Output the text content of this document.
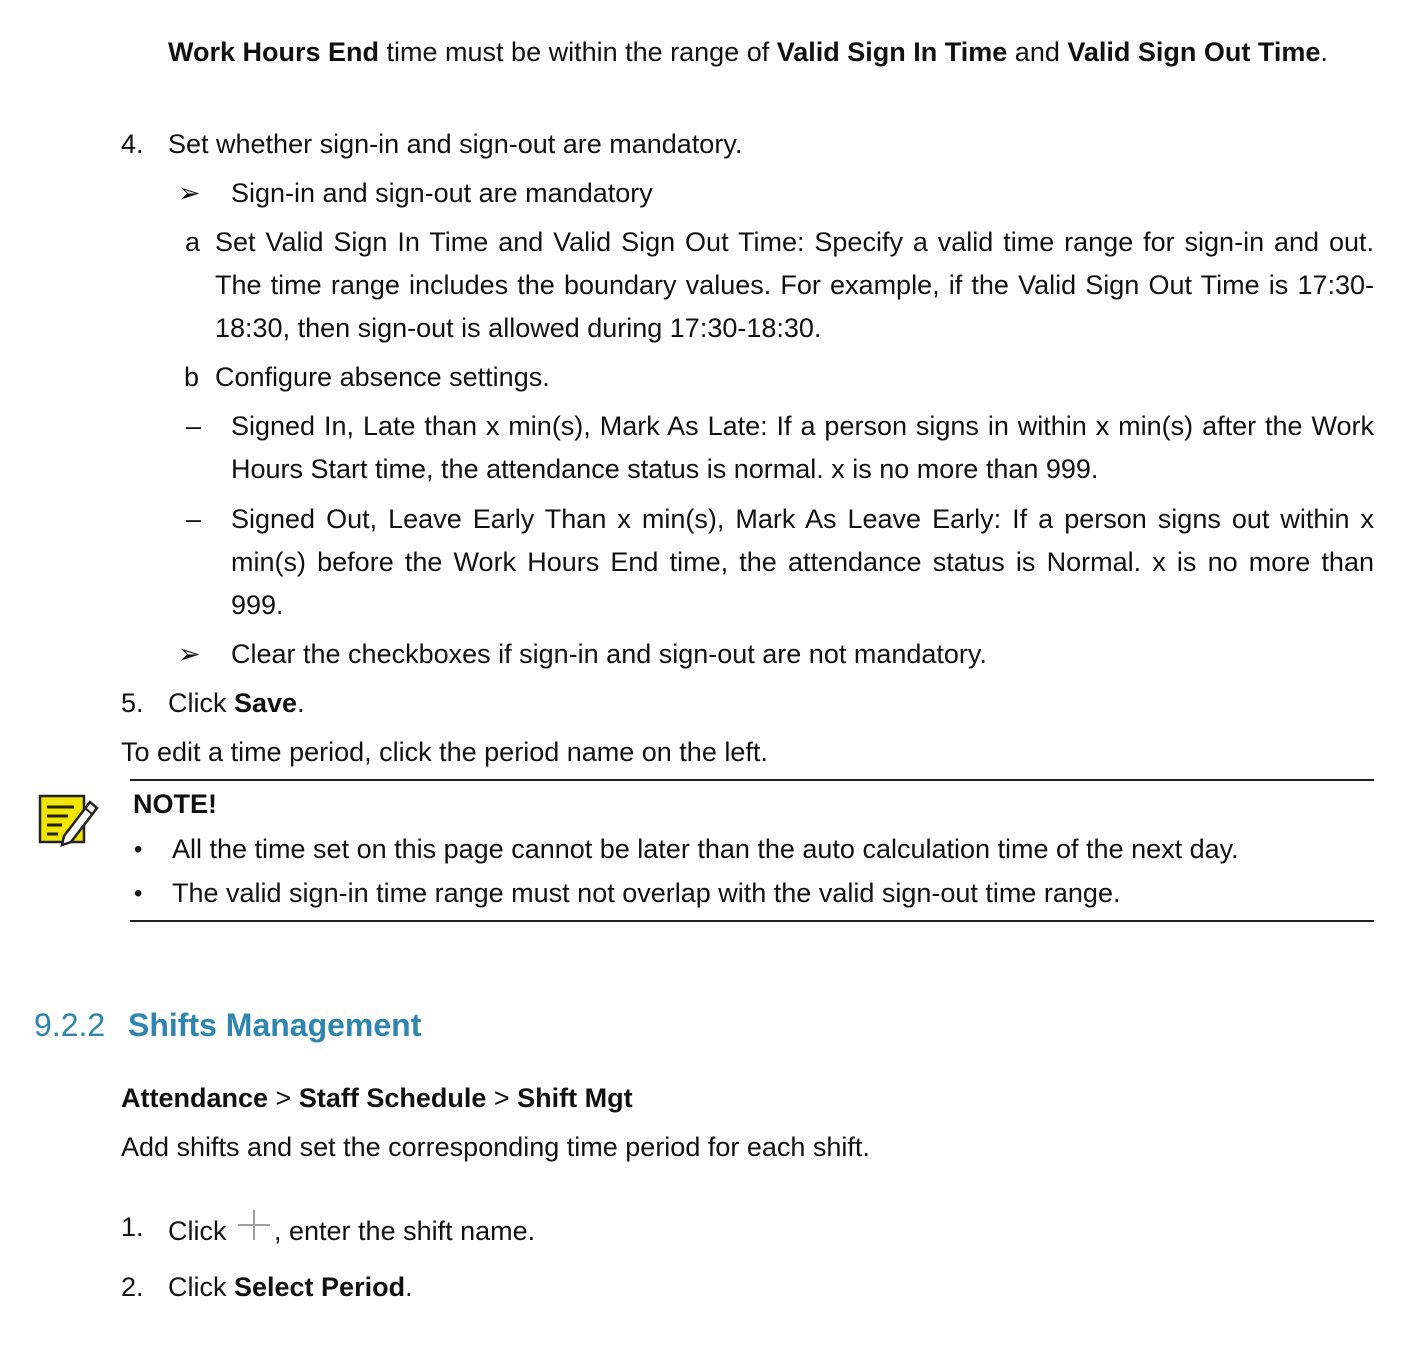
Work Hours End time must be within the range of Valid Sign In Time and Valid Sign Out Time.
4. Set whether sign-in and sign-out are mandatory.
➢ Sign-in and sign-out are mandatory
a Set Valid Sign In Time and Valid Sign Out Time: Specify a valid time range for sign-in and out. The time range includes the boundary values. For example, if the Valid Sign Out Time is 17:30-18:30, then sign-out is allowed during 17:30-18:30.
b Configure absence settings.
– Signed In, Late than x min(s), Mark As Late: If a person signs in within x min(s) after the Work Hours Start time, the attendance status is normal. x is no more than 999.
– Signed Out, Leave Early Than x min(s), Mark As Leave Early: If a person signs out within x min(s) before the Work Hours End time, the attendance status is Normal. x is no more than 999.
➢ Clear the checkboxes if sign-in and sign-out are not mandatory.
5. Click Save.
To edit a time period, click the period name on the left.
NOTE!
• All the time set on this page cannot be later than the auto calculation time of the next day.
• The valid sign-in time range must not overlap with the valid sign-out time range.
9.2.2 Shifts Management
Attendance > Staff Schedule > Shift Mgt
Add shifts and set the corresponding time period for each shift.
1. Click , enter the shift name.
2. Click Select Period.
